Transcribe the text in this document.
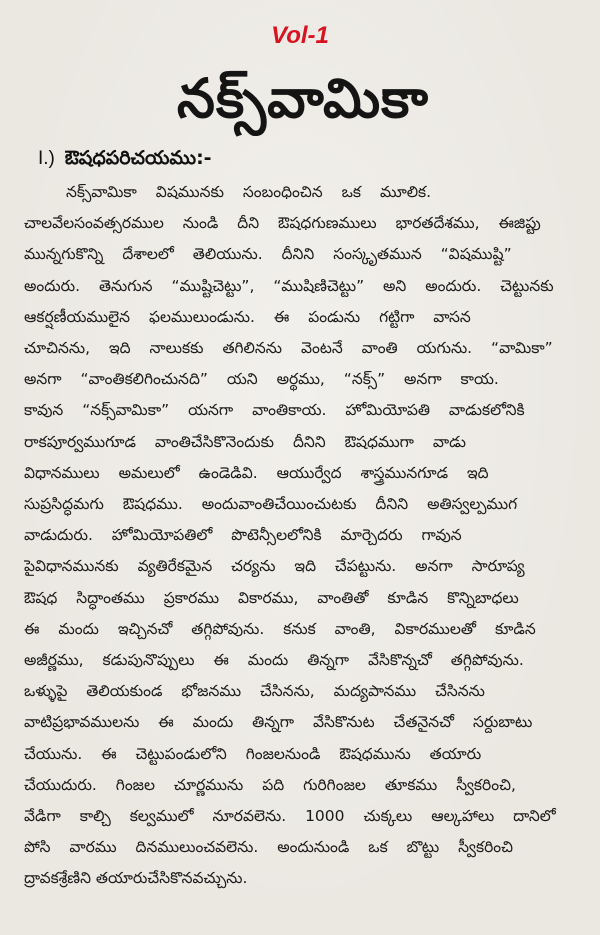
Vol-1
నక్స్‌వామికా
I.) ఔషధపరిచయము:-
నక్స్‌వామికా విషమునకు సంబంధించిన ఒక మూలిక.
చాలవేలసంవత్సరముల నుండి దీని ఔషధగుణములు భారతదేశము, ఈజిప్టు
మున్నగుకొన్ని దేశాలలో తెలియును. దీనిని సంస్కృతమున “విషముష్టి”
అందురు. తెనుగున “ముష్టిచెట్టు”, “ముషిణిచెట్టు” అని అందురు. చెట్టునకు
ఆకర్షణీయములైన ఫలములుండును. ఈ పండును గట్టిగా వాసన
చూచినను, ఇది నాలుకకు తగిలినను వెంటనే వాంతి యగును. “వామికా”
అనగా “వాంతికలిగించునది” యని అర్థము, “నక్స్” అనగా కాయ.
కావున “నక్స్‌వామికా” యనగా వాంతికాయ. హోమియోపతి వాడుకలోనికి
రాకపూర్వముగూడ వాంతిచేసికొనెందుకు దీనిని ఔషధముగా వాడు
విధానములు అమలులో ఉండెడివి. ఆయుర్వేద శాస్త్రమునగూడ ఇది
సుప్రసిద్ధమగు ఔషధము. అందువాంతిచేయించుటకు దీనిని అతిస్వల్పముగ
వాడుదురు. హోమియోపతిలో పొటెన్సీలలోనికి మార్చెదరు గావున
పైవిధానమునకు వ్యతిరేకమైన చర్యను ఇది చేపట్టును. అనగా సారూప్య
ఔషధ సిద్ధాంతము ప్రకారము వికారము, వాంతితో కూడిన కొన్నిబాధలు
ఈ మందు ఇచ్చినచో తగ్గిపోవును. కనుక వాంతి, వికారములతో కూడిన
అజీర్ణము, కడుపునొప్పులు ఈ మందు తిన్నగా వేసికొన్నచో తగ్గిపోవును.
ఒళ్ళుపై తెలియకుండ భోజనము చేసినను, మద్యపానము చేసినను
వాటిప్రభావములను ఈ మందు తిన్నగా వేసికొనుట చేతనైనచో సర్దుబాటు
చేయును. ఈ చెట్టుపండులోని గింజలనుండి ఔషధమును తయారు
చేయుదురు. గింజల చూర్ణమును పది గురిగింజల తూకము స్వీకరించి,
వేడిగా కాల్చి కల్వములో నూరవలెను. 1000 చుక్కలు ఆల్కహాలు దానిలో
పోసి వారము దినములుంచవలెను. అందునుండి ఒక బొట్టు స్వీకరించి
ద్రావకశ్రేణిని తయారుచేసికొనవచ్చును.
